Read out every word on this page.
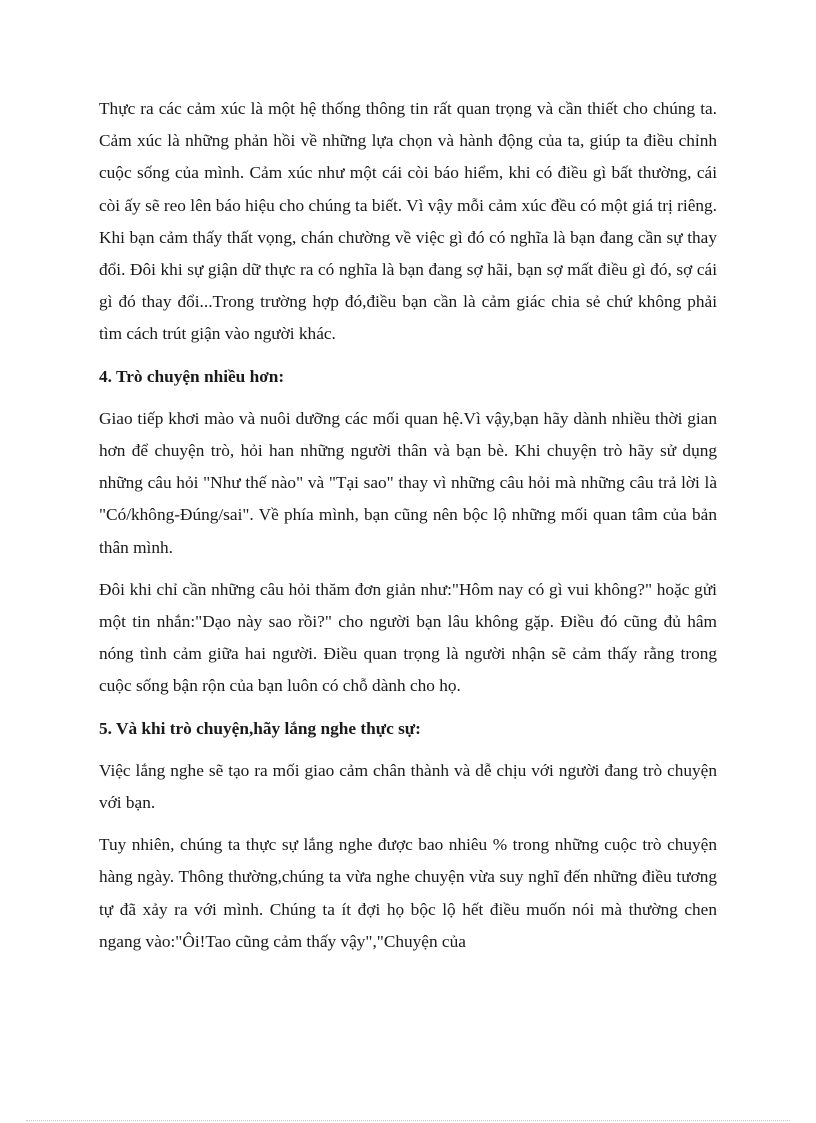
Thực ra các cảm xúc là một hệ thống thông tin rất quan trọng và cần thiết cho chúng ta. Cảm xúc là những phản hồi về những lựa chọn và hành động của ta, giúp ta điều chỉnh cuộc sống của mình. Cảm xúc như một cái còi báo hiểm, khi có điều gì bất thường, cái còi ấy sẽ reo lên báo hiệu cho chúng ta biết. Vì vậy mỗi cảm xúc đều có một giá trị riêng. Khi bạn cảm thấy thất vọng, chán chường về việc gì đó có nghĩa là bạn đang cần sự thay đổi. Đôi khi sự giận dữ thực ra có nghĩa là bạn đang sợ hãi, bạn sợ mất điều gì đó, sợ cái gì đó thay đổi...Trong trường hợp đó,điều bạn cần là cảm giác chia sẻ chứ không phải tìm cách trút giận vào người khác.

4. Trò chuyện nhiều hơn:

Giao tiếp khơi mào và nuôi dưỡng các mối quan hệ.Vì vậy,bạn hãy dành nhiều thời gian hơn để chuyện trò, hỏi han những người thân và bạn bè. Khi chuyện trò hãy sử dụng những câu hỏi "Như thế nào" và "Tại sao" thay vì những câu hỏi mà những câu trả lời là "Có/không-Đúng/sai". Về phía mình, bạn cũng nên bộc lộ những mối quan tâm của bản thân mình.

Đôi khi chỉ cần những câu hỏi thăm đơn giản như:"Hôm nay có gì vui không?" hoặc gửi một tin nhắn:"Dạo này sao rồi?" cho người bạn lâu không gặp. Điều đó cũng đủ hâm nóng tình cảm giữa hai người. Điều quan trọng là người nhận sẽ cảm thấy rằng trong cuộc sống bận rộn của bạn luôn có chỗ dành cho họ.

5. Và khi trò chuyện,hãy lắng nghe thực sự:

Việc lắng nghe sẽ tạo ra mối giao cảm chân thành và dễ chịu với người đang trò chuyện với bạn.

Tuy nhiên, chúng ta thực sự lắng nghe được bao nhiêu % trong những cuộc trò chuyện hàng ngày. Thông thường,chúng ta vừa nghe chuyện vừa suy nghĩ đến những điều tương tự đã xảy ra với mình. Chúng ta ít đợi họ bộc lộ hết điều muốn nói mà thường chen ngang vào:"Ôi!Tao cũng cảm thấy vậy","Chuyện của
